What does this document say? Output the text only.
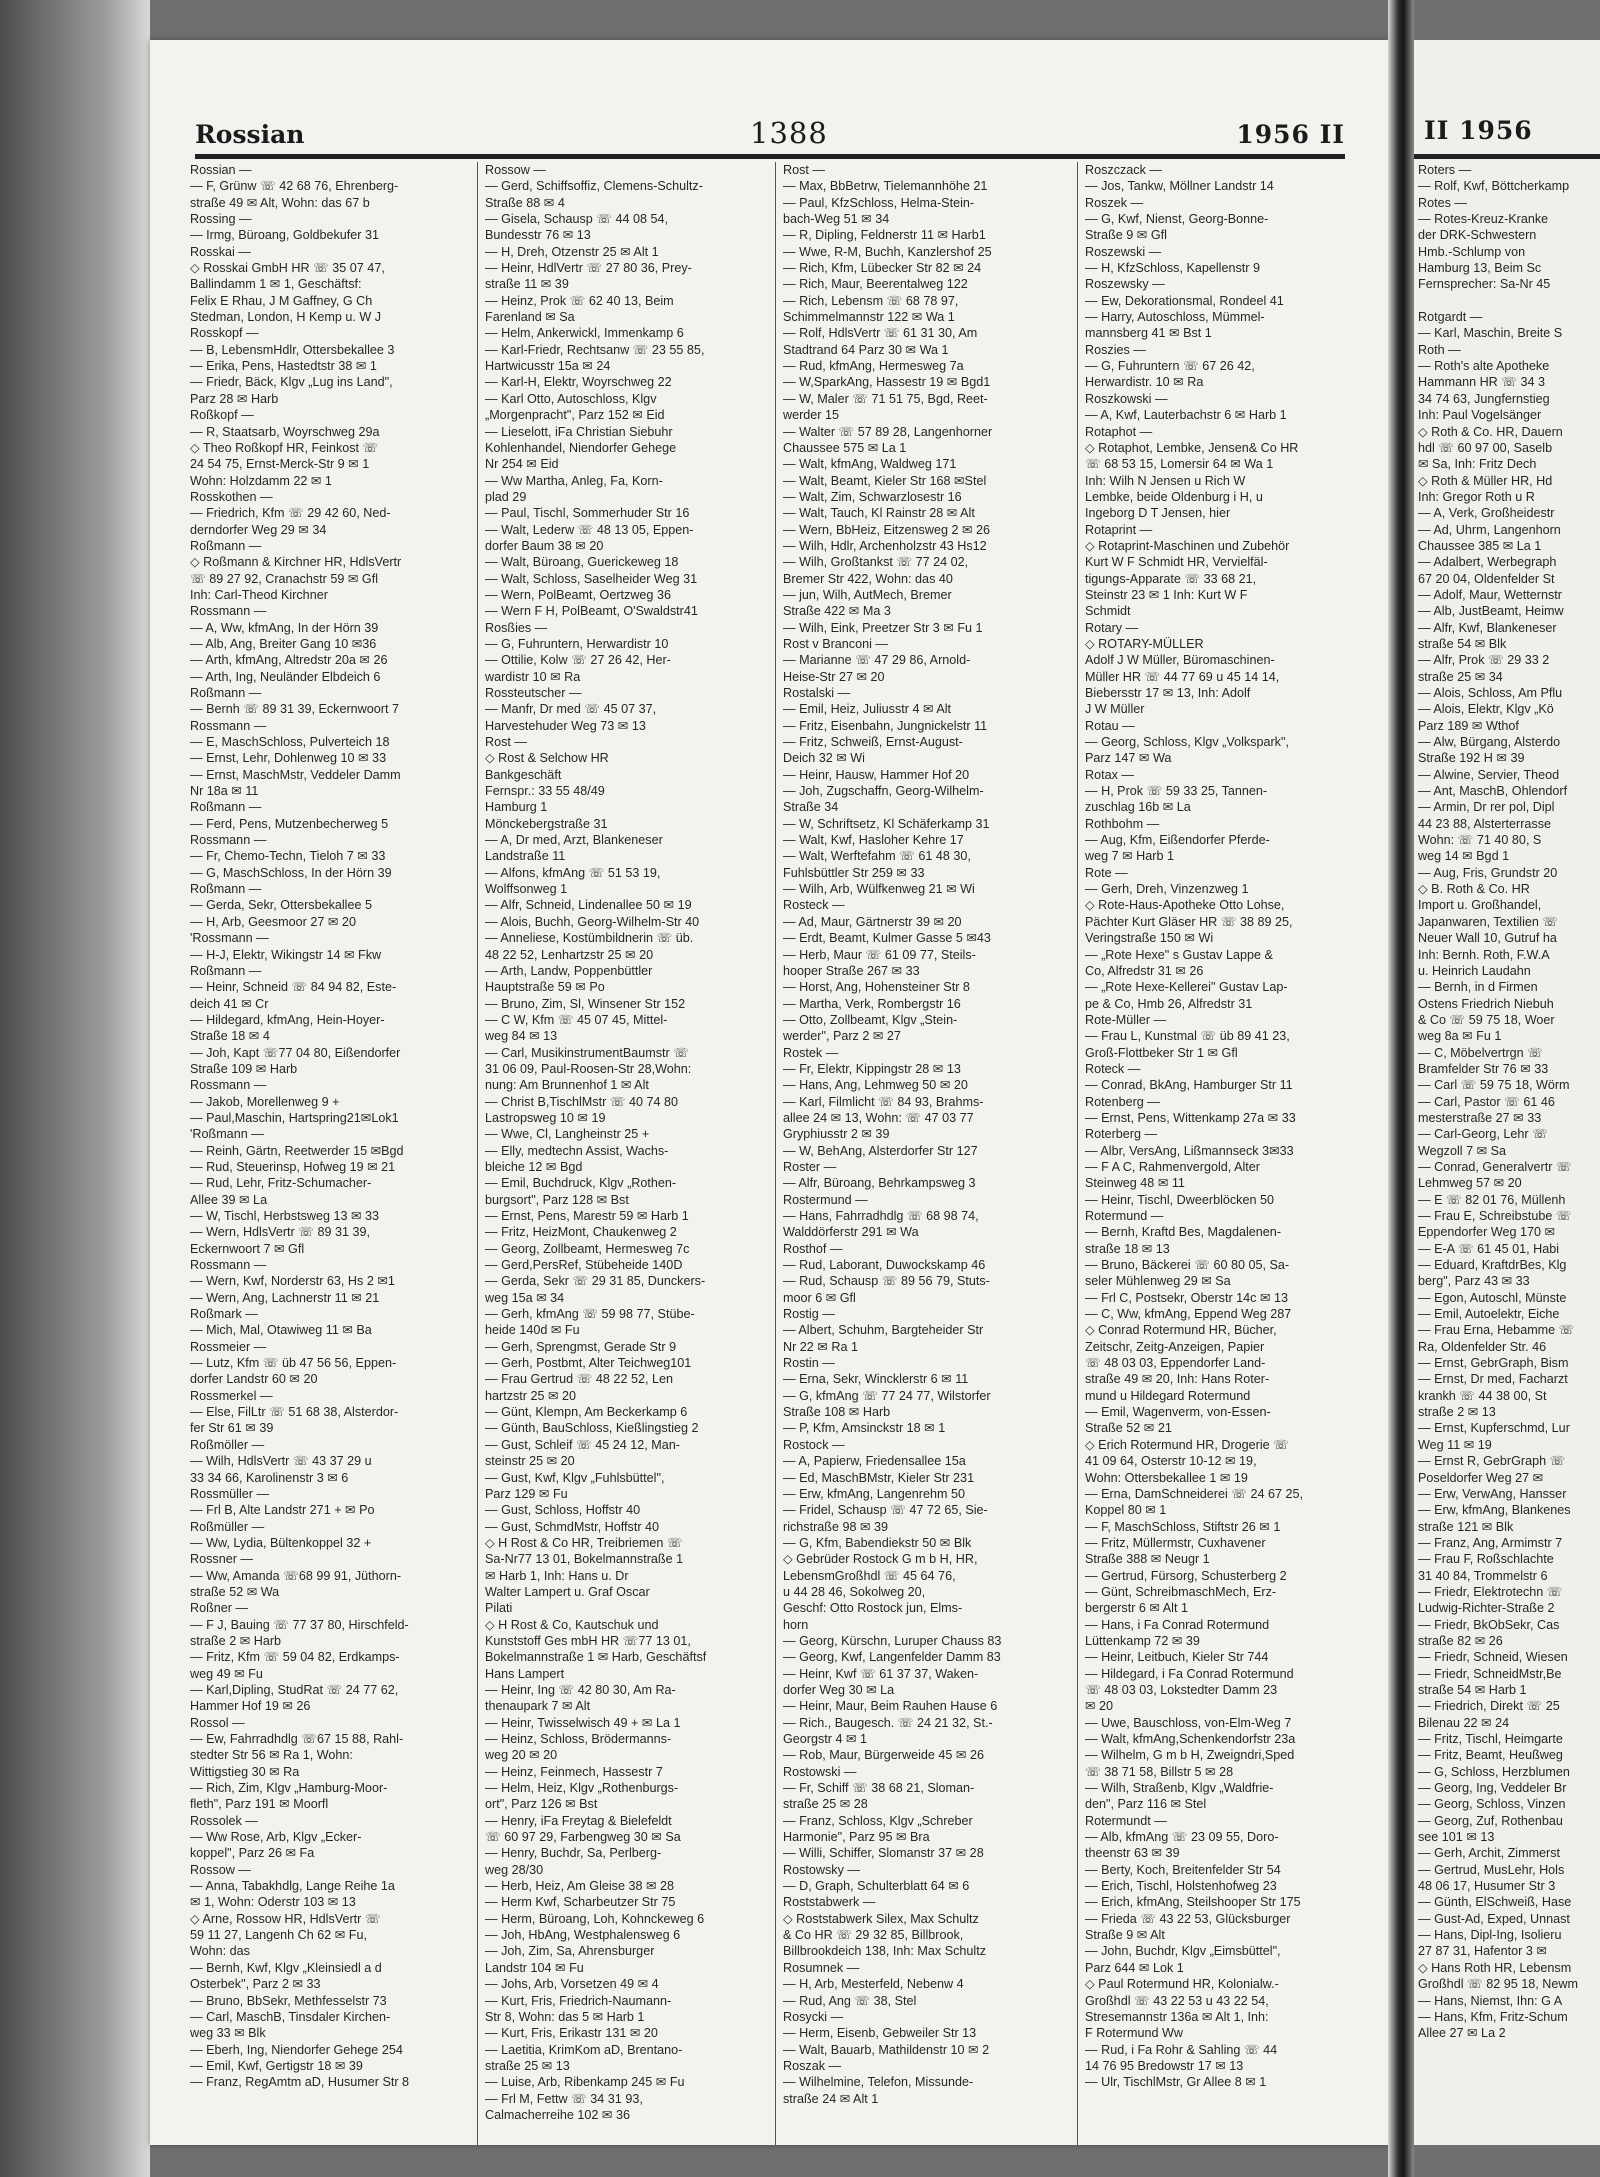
Rossian	1388	1956 II
Rossian —
— F, Grünw ☏ 42 68 76, Ehrenberg-
straße 49 ✉ Alt, Wohn: das 67 b
Rossing —
— Irmg, Büroang, Goldbekufer 31
Rosskai —
◇ Rosskai GmbH HR ☏ 35 07 47,
Ballindamm 1 ✉ 1, Geschäftsf:
Felix E Rhau, J M Gaffney, G Ch
Stedman, London, H Kemp u. W J
Rosskopf —
— B, LebensmHdlr, Ottersbekallee 3
— Erika, Pens, Hastedtstr 38 ✉ 1
— Friedr, Bäck, Klgv „Lug ins Land",
Parz 28 ✉ Harb
Roßkopf —
— R, Staatsarb, Woyrschweg 29a
◇ Theo Roßkopf HR, Feinkost ☏
24 54 75, Ernst-Merck-Str 9 ✉ 1
Wohn: Holzdamm 22 ✉ 1
Rosskothen —
— Friedrich, Kfm ☏ 29 42 60, Ned-
derndorfer Weg 29 ✉ 34
Roßmann —
◇ Roßmann & Kirchner HR, HdlsVertr
☏ 89 27 92, Cranachstr 59 ✉ Gfl
Inh: Carl-Theod Kirchner
Rossmann —
— A, Ww, kfmAng, In der Hörn 39
— Alb, Ang, Breiter Gang 10 ✉36
— Arth, kfmAng, Altredstr 20a ✉ 26
— Arth, Ing, Neuländer Elbdeich 6
Roßmann —
— Bernh ☏ 89 31 39, Eckernwoort 7
Rossmann —
— E, MaschSchloss, Pulverteich 18
— Ernst, Lehr, Dohlenweg 10 ✉ 33
— Ernst, MaschMstr, Veddeler Damm
Nr 18a ✉ 11
Roßmann —
— Ferd, Pens, Mutzenbecherweg 5
Rossmann —
— Fr, Chemo-Techn, Tieloh 7 ✉ 33
— G, MaschSchloss, In der Hörn 39
Roßmann —
— Gerda, Sekr, Ottersbekallee 5
— H, Arb, Geesmoor 27 ✉ 20
'Rossmann —
— H-J, Elektr, Wikingstr 14 ✉ Fkw
Roßmann —
— Heinr, Schneid ☏ 84 94 82, Este-
deich 41 ✉ Cr
— Hildegard, kfmAng, Hein-Hoyer-
Straße 18 ✉ 4
— Joh, Kapt ☏77 04 80, Eißendorfer
Straße 109 ✉ Harb
Rossmann —
— Jakob, Morellenweg 9 +
— Paul,Maschin, Hartspring21✉Lok1
'Roßmann —
— Reinh, Gärtn, Reetwerder 15 ✉Bgd
— Rud, Steuerinsp, Hofweg 19 ✉ 21
— Rud, Lehr, Fritz-Schumacher-
Allee 39 ✉ La
— W, Tischl, Herbstsweg 13 ✉ 33
— Wern, HdlsVertr ☏ 89 31 39,
Eckernwoort 7 ✉ Gfl
Rossmann —
— Wern, Kwf, Norderstr 63, Hs 2 ✉1
— Wern, Ang, Lachnerstr 11 ✉ 21
Roßmark —
— Mich, Mal, Otawiweg 11 ✉ Ba
Rossmeier —
— Lutz, Kfm ☏ üb 47 56 56, Eppen-
dorfer Landstr 60 ✉ 20
Rossmerkel —
— Else, FilLtr ☏ 51 68 38, Alsterdor-
fer Str 61 ✉ 39
Roßmöller —
— Wilh, HdlsVertr ☏ 43 37 29 u
33 34 66, Karolinenstr 3 ✉ 6
Rossmüller —
— Frl B, Alte Landstr 271 + ✉ Po
Roßmüller —
— Ww, Lydia, Bültenkoppel 32 +
Rossner —
— Ww, Amanda ☏68 99 91, Jüthorn-
straße 52 ✉ Wa
Roßner —
— F J, Bauing ☏ 77 37 80, Hirschfeld-
straße 2 ✉ Harb
— Fritz, Kfm ☏ 59 04 82, Erdkamps-
weg 49 ✉ Fu
— Karl,Dipling, StudRat ☏ 24 77 62,
Hammer Hof 19 ✉ 26
Rossol —
— Ew, Fahrradhdlg ☏67 15 88, Rahl-
stedter Str 56 ✉ Ra 1, Wohn:
Wittigstieg 30 ✉ Ra
— Rich, Zim, Klgv „Hamburg-Moor-
fleth", Parz 191 ✉ Moorfl
Rossolek —
— Ww Rose, Arb, Klgv „Ecker-
koppel", Parz 26 ✉ Fa
Rossow —
— Anna, Tabakhdlg, Lange Reihe 1a
✉ 1, Wohn: Oderstr 103 ✉ 13
◇ Arne, Rossow HR, HdlsVertr ☏
59 11 27, Langenh Ch 62 ✉ Fu,
Wohn: das
— Bernh, Kwf, Klgv „Kleinsiedl a d
Osterbek", Parz 2 ✉ 33
— Bruno, BbSekr, Methfesselstr 73
— Carl, MaschB, Tinsdaler Kirchen-
weg 33 ✉ Blk
— Eberh, Ing, Niendorfer Gehege 254
— Emil, Kwf, Gertigstr 18 ✉ 39
— Franz, RegAmtm aD, Husumer Str 8
Rossow —
— Gerd, Schiffsoffiz, Clemens-Schultz-
Straße 88 ✉ 4
— Gisela, Schausp ☏ 44 08 54,
Bundesstr 76 ✉ 13
— H, Dreh, Otzenstr 25 ✉ Alt 1
— Heinr, HdlVertr ☏ 27 80 36, Prey-
straße 11 ✉ 39
— Heinz, Prok ☏ 62 40 13, Beim
Farenland ✉ Sa
— Helm, Ankerwickl, Immenkamp 6
— Karl-Friedr, Rechtsanw ☏ 23 55 85,
Hartwicusstr 15a ✉ 24
— Karl-H, Elektr, Woyrschweg 22
— Karl Otto, Autoschloss, Klgv
„Morgenpracht", Parz 152 ✉ Eid
— Lieselott, iFa Christian Siebuhr
Kohlenhandel, Niendorfer Gehege
Nr 254 ✉ Eid
— Ww Martha, Anleg, Fa, Korn-
plad 29
— Paul, Tischl, Sommerhuder Str 16
— Walt, Lederw ☏ 48 13 05, Eppen-
dorfer Baum 38 ✉ 20
— Walt, Büroang, Guerickeweg 18
— Walt, Schloss, Saselheider Weg 31
— Wern, PolBeamt, Oertzweg 36
— Wern F H, PolBeamt, O'Swaldstr41
Rosßies —
— G, Fuhruntern, Herwardistr 10
— Ottilie, Kolw ☏ 27 26 42, Her-
wardistr 10 ✉ Ra
Rossteutscher —
— Manfr, Dr med ☏ 45 07 37,
Harvestehuder Weg 73 ✉ 13
Rost —
◇ Rost & Selchow HR
Bankgeschäft
Fernspr.: 33 55 48/49
Hamburg 1
Mönckebergstraße 31
— A, Dr med, Arzt, Blankeneser
Landstraße 11
— Alfons, kfmAng ☏ 51 53 19,
Wolffsonweg 1
— Alfr, Schneid, Lindenallee 50 ✉ 19
— Alois, Buchh, Georg-Wilhelm-Str 40
— Anneliese, Kostümbildnerin ☏ üb.
48 22 52, Lenhartzstr 25 ✉ 20
— Arth, Landw, Poppenbüttler
Hauptstraße 59 ✉ Po
— Bruno, Zim, Sl, Winsener Str 152
— C W, Kfm ☏ 45 07 45, Mittel-
weg 84 ✉ 13
— Carl, MusikinstrumentBaumstr ☏
31 06 09, Paul-Roosen-Str 28,Wohn:
nung: Am Brunnenhof 1 ✉ Alt
— Christ B,TischlMstr ☏ 40 74 80
Lastropsweg 10 ✉ 19
— Wwe, Cl, Langheinstr 25 +
— Elly, medtechn Assist, Wachs-
bleiche 12 ✉ Bgd
— Emil, Buchdruck, Klgv „Rothen-
burgsort", Parz 128 ✉ Bst
— Ernst, Pens, Marestr 59 ✉ Harb 1
— Fritz, HeizMont, Chaukenweg 2
— Georg, Zollbeamt, Hermesweg 7c
— Gerd,PersRef, Stübeheide 140D
— Gerda, Sekr ☏ 29 31 85, Dunckers-
weg 15a ✉ 34
— Gerh, kfmAng ☏ 59 98 77, Stübe-
heide 140d ✉ Fu
— Gerh, Sprengmst, Gerade Str 9
— Gerh, Postbmt, Alter Teichweg101
— Frau Gertrud ☏ 48 22 52, Len
hartzstr 25 ✉ 20
— Günt, Klempn, Am Beckerkamp 6
— Günth, BauSchloss, Kießlingstieg 2
— Gust, Schleif ☏ 45 24 12, Man-
steinstr 25 ✉ 20
— Gust, Kwf, Klgv „Fuhlsbüttel",
Parz 129 ✉ Fu
— Gust, Schloss, Hoffstr 40
— Gust, SchmdMstr, Hoffstr 40
◇ H Rost & Co HR, Treibriemen ☏
Sa-Nr77 13 01, Bokelmannstraße 1
✉ Harb 1, Inh: Hans u. Dr
Walter Lampert u. Graf Oscar
Pilati
◇ H Rost & Co, Kautschuk und
Kunststoff Ges mbH HR ☏77 13 01,
Bokelmannstraße 1 ✉ Harb, Geschäftsf
Hans Lampert
— Heinr, Ing ☏ 42 80 30, Am Ra-
thenaupark 7 ✉ Alt
— Heinr, Twisselwisch 49 + ✉ La 1
— Heinz, Schloss, Brödermanns-
weg 20 ✉ 20
— Heinz, Feinmech, Hassestr 7
— Helm, Heiz, Klgv „Rothenburgs-
ort", Parz 126 ✉ Bst
— Henry, iFa Freytag & Bielefeldt
☏ 60 97 29, Farbengweg 30 ✉ Sa
— Henry, Buchdr, Sa, Perlberg-
weg 28/30
— Herb, Heiz, Am Gleise 38 ✉ 28
— Herm Kwf, Scharbeutzer Str 75
— Herm, Büroang, Loh, Kohnckeweg 6
— Joh, HbAng, Westphalensweg 6
— Joh, Zim, Sa, Ahrensburger
Landstr 104 ✉ Fu
— Johs, Arb, Vorsetzen 49 ✉ 4
— Kurt, Fris, Friedrich-Naumann-
Str 8, Wohn: das 5 ✉ Harb 1
— Kurt, Fris, Erikastr 131 ✉ 20
— Laetitia, KrimKom aD, Brentano-
straße 25 ✉ 13
— Luise, Arb, Ribenkamp 245 ✉ Fu
— Frl M, Fettw ☏ 34 31 93,
Calmacherreihe 102 ✉ 36
Rost —
— Max, BbBetrw, Tielemannhöhe 21
— Paul, KfzSchloss, Helma-Stein-
bach-Weg 51 ✉ 34
— R, Dipling, Feldnerstr 11 ✉ Harb1
— Wwe, R-M, Buchh, Kanzlershof 25
— Rich, Kfm, Lübecker Str 82 ✉ 24
— Rich, Maur, Beerentalweg 122
— Rich, Lebensm ☏ 68 78 97,
Schimmelmannstr 122 ✉ Wa 1
— Rolf, HdlsVertr ☏ 61 31 30, Am
Stadtrand 64 Parz 30 ✉ Wa 1
— Rud, kfmAng, Hermesweg 7a
— W,SparkAng, Hassestr 19 ✉ Bgd1
— W, Maler ☏ 71 51 75, Bgd, Reet-
werder 15
— Walter ☏ 57 89 28, Langenhorner
Chaussee 575 ✉ La 1
— Walt, kfmAng, Waldweg 171
— Walt, Beamt, Kieler Str 168 ✉Stel
— Walt, Zim, Schwarzlosestr 16
— Walt, Tauch, Kl Rainstr 28 ✉ Alt
— Wern, BbHeiz, Eitzensweg 2 ✉ 26
— Wilh, Hdlr, Archenholzstr 43 Hs12
— Wilh, Großtankst ☏ 77 24 02,
Bremer Str 422, Wohn: das 40
— jun, Wilh, AutMech, Bremer
Straße 422 ✉ Ma 3
— Wilh, Eink, Preetzer Str 3 ✉ Fu 1
Rost v Branconi —
— Marianne ☏ 47 29 86, Arnold-
Heise-Str 27 ✉ 20
Rostalski —
— Emil, Heiz, Juliusstr 4 ✉ Alt
— Fritz, Eisenbahn, Jungnickelstr 11
— Fritz, Schweiß, Ernst-August-
Deich 32 ✉ Wi
— Heinr, Hausw, Hammer Hof 20
— Joh, Zugschaffn, Georg-Wilhelm-
Straße 34
— W, Schriftsetz, Kl Schäferkamp 31
— Walt, Kwf, Hasloher Kehre 17
— Walt, Werftefahm ☏ 61 48 30,
Fuhlsbüttler Str 259 ✉ 33
— Wilh, Arb, Wülfkenweg 21 ✉ Wi
Rosteck —
— Ad, Maur, Gärtnerstr 39 ✉ 20
— Erdt, Beamt, Kulmer Gasse 5 ✉43
— Herb, Maur ☏ 61 09 77, Steils-
hooper Straße 267 ✉ 33
— Horst, Ang, Hohensteiner Str 8
— Martha, Verk, Rombergstr 16
— Otto, Zollbeamt, Klgv „Stein-
werder", Parz 2 ✉ 27
Rostek —
— Fr, Elektr, Kippingstr 28 ✉ 13
— Hans, Ang, Lehmweg 50 ✉ 20
— Karl, Filmlicht ☏ 84 93, Brahms-
allee 24 ✉ 13, Wohn: ☏ 47 03 77
Gryphiusstr 2 ✉ 39
— W, BehAng, Alsterdorfer Str 127
Roster —
— Alfr, Büroang, Behrkampsweg 3
Rostermund —
— Hans, Fahrradhdlg ☏ 68 98 74,
Walddörferstr 291 ✉ Wa
Rosthof —
— Rud, Laborant, Duwockskamp 46
— Rud, Schausp ☏ 89 56 79, Stuts-
moor 6 ✉ Gfl
Rostig —
— Albert, Schuhm, Bargteheider Str
Nr 22 ✉ Ra 1
Rostin —
— Erna, Sekr, Wincklerstr 6 ✉ 11
— G, kfmAng ☏ 77 24 77, Wilstorfer
Straße 108 ✉ Harb
— P, Kfm, Amsinckstr 18 ✉ 1
Rostock —
— A, Papierw, Friedensallee 15a
— Ed, MaschBMstr, Kieler Str 231
— Erw, kfmAng, Langenrehm 50
— Fridel, Schausp ☏ 47 72 65, Sie-
richstraße 98 ✉ 39
— G, Kfm, Babendiekstr 50 ✉ Blk
◇ Gebrüder Rostock G m b H, HR,
LebensmGroßhdl ☏ 45 64 76,
u 44 28 46, Sokolweg 20,
Geschf: Otto Rostock jun, Elms-
horn
— Georg, Kürschn, Luruper Chauss 83
— Georg, Kwf, Langenfelder Damm 83
— Heinr, Kwf ☏ 61 37 37, Waken-
dorfer Weg 30 ✉ La
— Heinr, Maur, Beim Rauhen Hause 6
— Rich., Baugesch. ☏ 24 21 32, St.-
Georgstr 4 ✉ 1
— Rob, Maur, Bürgerweide 45 ✉ 26
Rostowski —
— Fr, Schiff ☏ 38 68 21, Sloman-
straße 25 ✉ 28
— Franz, Schloss, Klgv „Schreber
Harmonie", Parz 95 ✉ Bra
— Willi, Schiffer, Slomanstr 37 ✉ 28
Rostowsky —
— D, Graph, Schulterblatt 64 ✉ 6
Roststabwerk —
◇ Roststabwerk Silex, Max Schultz
& Co HR ☏ 29 32 85, Billbrook,
Billbrookdeich 138, Inh: Max Schultz
Rosumnek —
— H, Arb, Mesterfeld, Nebenw 4
— Rud, Ang ☏ 38, Stel
Rosycki —
— Herm, Eisenb, Gebweiler Str 13
— Walt, Bauarb, Mathildenstr 10 ✉ 2
Roszak —
— Wilhelmine, Telefon, Missunde-
straße 24 ✉ Alt 1
Roszczack —
— Jos, Tankw, Möllner Landstr 14
Roszek —
— G, Kwf, Nienst, Georg-Bonne-
Straße 9 ✉ Gfl
Roszewski —
— H, KfzSchloss, Kapellenstr 9
Roszewsky —
— Ew, Dekorationsmal, Rondeel 41
— Harry, Autoschloss, Mümmel-
mannsberg 41 ✉ Bst 1
Roszies —
— G, Fuhruntern ☏ 67 26 42,
Herwardistr. 10 ✉ Ra
Roszkowski —
— A, Kwf, Lauterbachstr 6 ✉ Harb 1
Rotaphot —
◇ Rotaphot, Lembke, Jensen& Co HR
☏ 68 53 15, Lomersir 64 ✉ Wa 1
Inh: Wilh N Jensen u Rich W
Lembke, beide Oldenburg i H, u
Ingeborg D T Jensen, hier
Rotaprint —
◇ Rotaprint-Maschinen und Zubehör
Kurt W F Schmidt HR, Vervielfäl-
tigungs-Apparate ☏ 33 68 21,
Steinstr 23 ✉ 1 Inh: Kurt W F
Schmidt
Rotary —
◇ ROTARY-MÜLLER
Adolf J W Müller, Büromaschinen-
Müller HR ☏ 44 77 69 u 45 14 14,
Biebersstr 17 ✉ 13, Inh: Adolf
J W Müller
Rotau —
— Georg, Schloss, Klgv „Volkspark",
Parz 147 ✉ Wa
Rotax —
— H, Prok ☏ 59 33 25, Tannen-
zuschlag 16b ✉ La
Rothbohm —
— Aug, Kfm, Eißendorfer Pferde-
weg 7 ✉ Harb 1
Rote —
— Gerh, Dreh, Vinzenzweg 1
◇ Rote-Haus-Apotheke Otto Lohse,
Pächter Kurt Gläser HR ☏ 38 89 25,
Veringstraße 150 ✉ Wi
— „Rote Hexe" s Gustav Lappe &
Co, Alfredstr 31 ✉ 26
— „Rote Hexe-Kellerei" Gustav Lap-
pe & Co, Hmb 26, Alfredstr 31
Rote-Müller —
— Frau L, Kunstmal ☏ üb 89 41 23,
Groß-Flottbeker Str 1 ✉ Gfl
Roteck —
— Conrad, BkAng, Hamburger Str 11
Rotenberg —
— Ernst, Pens, Wittenkamp 27a ✉ 33
Roterberg —
— Albr, VersAng, Lißmannseck 3✉33
— F A C, Rahmenvergold, Alter
Steinweg 48 ✉ 11
— Heinr, Tischl, Dweerblöcken 50
Rotermund —
— Bernh, Kraftd Bes, Magdalenen-
straße 18 ✉ 13
— Bruno, Bäckerei ☏ 60 80 05, Sa-
seler Mühlenweg 29 ✉ Sa
— Frl C, Postsekr, Oberstr 14c ✉ 13
— C, Ww, kfmAng, Eppend Weg 287
◇ Conrad Rotermund HR, Bücher,
Zeitschr, Zeitg-Anzeigen, Papier
☏ 48 03 03, Eppendorfer Land-
straße 49 ✉ 20, Inh: Hans Roter-
mund u Hildegard Rotermund
— Emil, Wagenverm, von-Essen-
Straße 52 ✉ 21
◇ Erich Rotermund HR, Drogerie ☏
41 09 64, Osterstr 10-12 ✉ 19,
Wohn: Ottersbekallee 1 ✉ 19
— Erna, DamSchneiderei ☏ 24 67 25,
Koppel 80 ✉ 1
— F, MaschSchloss, Stiftstr 26 ✉ 1
— Fritz, Müllermstr, Cuxhavener
Straße 388 ✉ Neugr 1
— Gertrud, Fürsorg, Schusterberg 2
— Günt, SchreibmaschMech, Erz-
bergerstr 6 ✉ Alt 1
— Hans, i Fa Conrad Rotermund
Lüttenkamp 72 ✉ 39
— Heinr, Leitbuch, Kieler Str 744
— Hildegard, i Fa Conrad Rotermund
☏ 48 03 03, Lokstedter Damm 23
✉ 20
— Uwe, Bauschloss, von-Elm-Weg 7
— Walt, kfmAng,Schenkendorfstr 23a
— Wilhelm, G m b H, Zweigndri,Sped
☏ 38 71 58, Billstr 5 ✉ 28
— Wilh, Straßenb, Klgv „Waldfrie-
den", Parz 116 ✉ Stel
Rotermundt —
— Alb, kfmAng ☏ 23 09 55, Doro-
theenstr 63 ✉ 39
— Berty, Koch, Breitenfelder Str 54
— Erich, Tischl, Holstenhofweg 23
— Erich, kfmAng, Steilshooper Str 175
— Frieda ☏ 43 22 53, Glücksburger
Straße 9 ✉ Alt
— John, Buchdr, Klgv „Eimsbüttel",
Parz 644 ✉ Lok 1
◇ Paul Rotermund HR, Kolonialw.-
Großhdl ☏ 43 22 53 u 43 22 54,
Stresemannstr 136a ✉ Alt 1, Inh:
F Rotermund Ww
— Rud, i Fa Rohr & Sahling ☏ 44
14 76 95 Bredowstr 17 ✉ 13
— Ulr, TischlMstr, Gr Allee 8 ✉ 1
II 1956
Roters —
— Rolf, Kwf, Böttcherkamp
Rotes —
— Rotes-Kreuz-Kranke
der DRK-Schwestern
Hmb.-Schlump von
Hamburg 13, Beim Sc
Fernsprecher: Sa-Nr 45
Rotgardt —
— Karl, Maschin, Breite S
Roth —
— Roth's alte Apotheke
Hammann HR ☏ 34 3
34 74 63, Jungfernstieg
Inh: Paul Vogelsänger
◇ Roth & Co. HR, Dauern
hdl ☏ 60 97 00, Saselb
✉ Sa, Inh: Fritz Dech
◇ Roth & Müller HR, Hd
Inh: Gregor Roth u R
— A, Verk, Großheidestr
— Ad, Uhrm, Langenhorn
Chaussee 385 ✉ La 1
— Adalbert, Werbegraph
67 20 04, Oldenfelder St
— Adolf, Maur, Wetternstr
— Alb, JustBeamt, Heimw
— Alfr, Kwf, Blankeneser
straße 54 ✉ Blk
— Alfr, Prok ☏ 29 33 2
straße 25 ✉ 34
— Alois, Schloss, Am Pflu
— Alois, Elektr, Klgv „Kö
Parz 189 ✉ Wthof
— Alw, Bürgang, Alsterdo
Straße 192 H ✉ 39
— Alwine, Servier, Theod
— Ant, MaschB, Ohlendorf
— Armin, Dr rer pol, Dipl
44 23 88, Alsterterrasse
Wohn: ☏ 71 40 80, S
weg 14 ✉ Bgd 1
— Aug, Fris, Grundstr 20
◇ B. Roth & Co. HR
Import u. Großhandel,
Japanwaren, Textilien ☏
Neuer Wall 10, Gutruf ha
Inh: Bernh. Roth, F.W.A
u. Heinrich Laudahn
— Bernh, in d Firmen
Ostens Friedrich Niebuh
& Co ☏ 59 75 18, Woer
weg 8a ✉ Fu 1
— C, Möbelvertrgn ☏
Bramfelder Str 76 ✉ 33
— Carl ☏ 59 75 18, Wörm
— Carl, Pastor ☏ 61 46
mesterstraße 27 ✉ 33
— Carl-Georg, Lehr ☏
Wegzoll 7 ✉ Sa
— Conrad, Generalvertr ☏
Lehmweg 57 ✉ 20
— E ☏ 82 01 76, Müllenh
— Frau E, Schreibstube ☏
Eppendorfer Weg 170 ✉
— E-A ☏ 61 45 01, Habi
— Eduard, KraftdrBes, Klg
berg", Parz 43 ✉ 33
— Egon, Autoschl, Münste
— Emil, Autoelektr, Eiche
— Frau Erna, Hebamme ☏
Ra, Oldenfelder Str. 46
— Ernst, GebrGraph, Bism
— Ernst, Dr med, Facharzt
krankh ☏ 44 38 00, St
straße 2 ✉ 13
— Ernst, Kupferschmd, Lur
Weg 11 ✉ 19
— Ernst R, GebrGraph ☏
Poseldorfer Weg 27 ✉
— Erw, VerwAng, Hansser
— Erw, kfmAng, Blankenes
straße 121 ✉ Blk
— Franz, Ang, Armimstr 7
— Frau F, Roßschlachte
31 40 84, Trommelstr 6
— Friedr, Elektrotechn ☏
Ludwig-Richter-Straße 2
— Friedr, BkObSekr, Cas
straße 82 ✉ 26
— Friedr, Schneid, Wiesen
— Friedr, SchneidMstr,Be
straße 54 ✉ Harb 1
— Friedrich, Direkt ☏ 25
Bilenau 22 ✉ 24
— Fritz, Tischl, Heimgarte
— Fritz, Beamt, Heußweg
— G, Schloss, Herzblumen
— Georg, Ing, Veddeler Br
— Georg, Schloss, Vinzen
— Georg, Zuf, Rothenbau
see 101 ✉ 13
— Gerh, Archit, Zimmerst
— Gertrud, MusLehr, Hols
48 06 17, Husumer Str 3
— Günth, ElSchweiß, Hase
— Gust-Ad, Exped, Unnast
— Hans, Dipl-Ing, Isolieru
27 87 31, Hafentor 3 ✉
◇ Hans Roth HR, Lebensm
Großhdl ☏ 82 95 18, Newm
— Hans, Niemst, Ihn: G A
— Hans, Kfm, Fritz-Schum
Allee 27 ✉ La 2
